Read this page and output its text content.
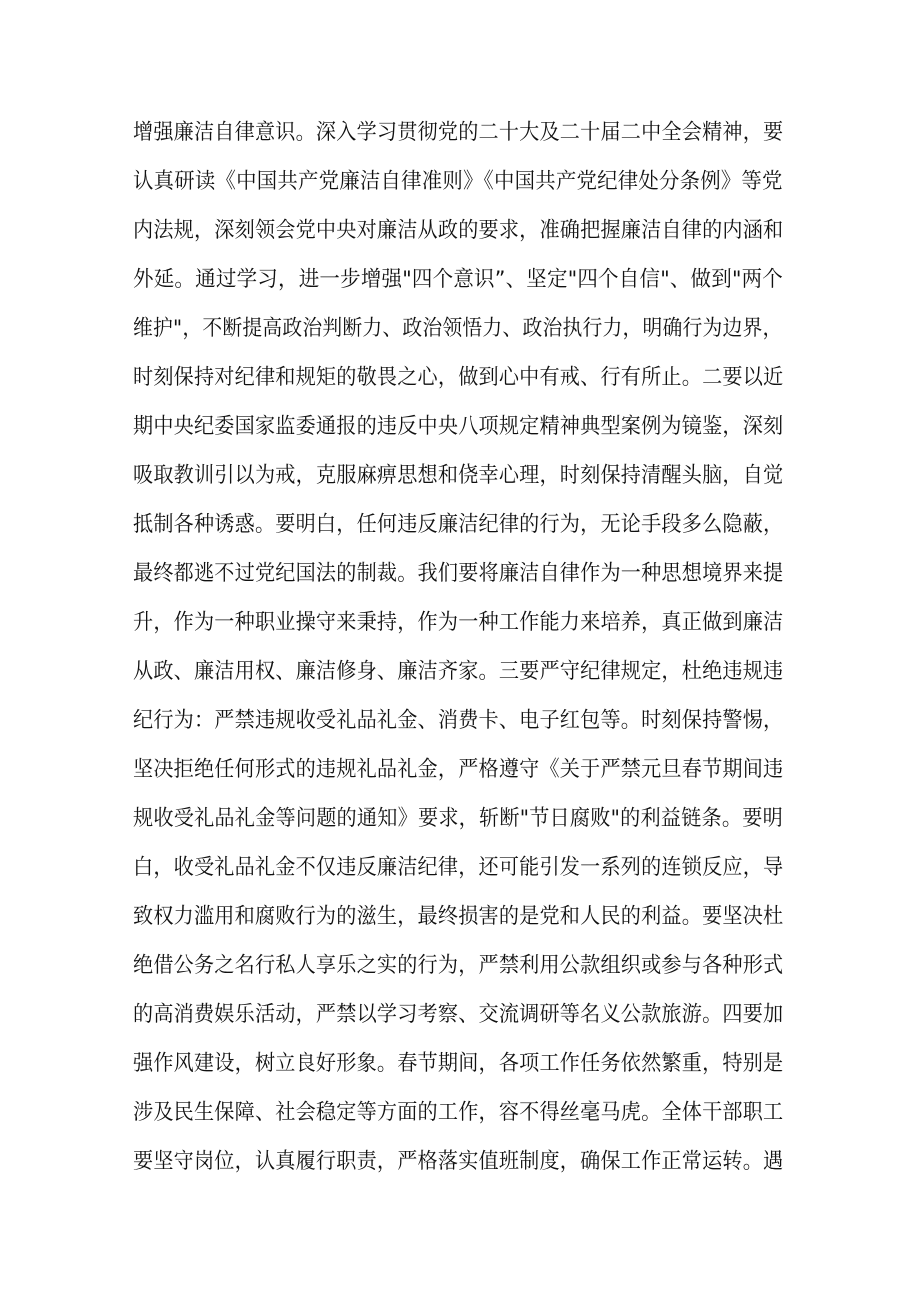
增强廉洁自律意识。深入学习贯彻党的二十大及二十届二中全会精神，要
认真研读《中国共产党廉洁自律准则》《中国共产党纪律处分条例》等党
内法规，深刻领会党中央对廉洁从政的要求，准确把握廉洁自律的内涵和
外延。通过学习，进一步增强"四个意识”、坚定"四个自信"、做到"两个
维护"，不断提高政治判断力、政治领悟力、政治执行力，明确行为边界，
时刻保持对纪律和规矩的敬畏之心，做到心中有戒、行有所止。二要以近
期中央纪委国家监委通报的违反中央八项规定精神典型案例为镜鉴，深刻
吸取教训引以为戒，克服麻痹思想和侥幸心理，时刻保持清醒头脑，自觉
抵制各种诱惑。要明白，任何违反廉洁纪律的行为，无论手段多么隐蔽，
最终都逃不过党纪国法的制裁。我们要将廉洁自律作为一种思想境界来提
升，作为一种职业操守来秉持，作为一种工作能力来培养，真正做到廉洁
从政、廉洁用权、廉洁修身、廉洁齐家。三要严守纪律规定，杜绝违规违
纪行为：严禁违规收受礼品礼金、消费卡、电子红包等。时刻保持警惕，
坚决拒绝任何形式的违规礼品礼金，严格遵守《关于严禁元旦春节期间违
规收受礼品礼金等问题的通知》要求，斩断"节日腐败"的利益链条。要明
白，收受礼品礼金不仅违反廉洁纪律，还可能引发一系列的连锁反应，导
致权力滥用和腐败行为的滋生，最终损害的是党和人民的利益。要坚决杜
绝借公务之名行私人享乐之实的行为，严禁利用公款组织或参与各种形式
的高消费娱乐活动，严禁以学习考察、交流调研等名义公款旅游。四要加
强作风建设，树立良好形象。春节期间，各项工作任务依然繁重，特别是
涉及民生保障、社会稳定等方面的工作，容不得丝毫马虎。全体干部职工
要坚守岗位，认真履行职责，严格落实值班制度，确保工作正常运转。遇
